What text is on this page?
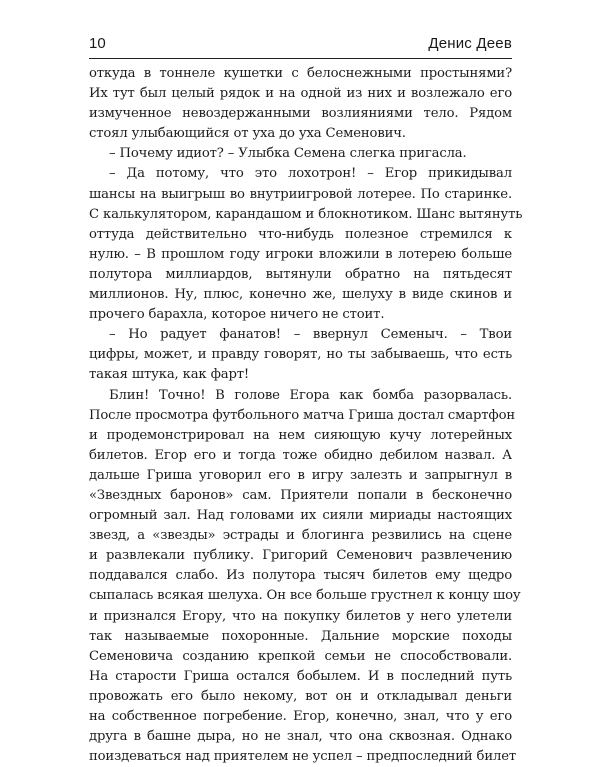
10	Денис Деев
откуда в тоннеле кушетки с белоснежными простынями?
Их тут был целый рядок и на одной из них и возлежало его
измученное невоздержанными возлияниями тело. Рядом
стоял улыбающийся от уха до уха Семенович.
– Почему идиот? – Улыбка Семена слегка пригасла.
– Да потому, что это лохотрон! – Егор прикидывал
шансы на выигрыш во внутриигровой лотерее. По старинке.
С калькулятором, карандашом и блокнотиком. Шанс вытянуть
оттуда действительно что-нибудь полезное стремился к
нулю. – В прошлом году игроки вложили в лотерею больше
полутора миллиардов, вытянули обратно на пятьдесят
миллионов. Ну, плюс, конечно же, шелуху в виде скинов и
прочего барахла, которое ничего не стоит.
– Но радует фанатов! – ввернул Семеныч. – Твои
цифры, может, и правду говорят, но ты забываешь, что есть
такая штука, как фарт!
Блин! Точно! В голове Егора как бомба разорвалась.
После просмотра футбольного матча Гриша достал смартфон
и продемонстрировал на нем сияющую кучу лотерейных
билетов. Егор его и тогда тоже обидно дебилом назвал. А
дальше Гриша уговорил его в игру залезть и запрыгнул в
«Звездных баронов» сам. Приятели попали в бесконечно
огромный зал. Над головами их сияли мириады настоящих
звезд, а «звезды» эстрады и блогинга резвились на сцене
и развлекали публику. Григорий Семенович развлечению
поддавался слабо. Из полутора тысяч билетов ему щедро
сыпалась всякая шелуха. Он все больше грустнел к концу шоу
и признался Егору, что на покупку билетов у него улетели
так называемые похоронные. Дальние морские походы
Семеновича созданию крепкой семьи не способствовали.
На старости Гриша остался бобылем. И в последний путь
провожать его было некому, вот он и откладывал деньги
на собственное погребение. Егор, конечно, знал, что у его
друга в башне дыра, но не знал, что она сквозная. Однако
поиздеваться над приятелем не успел – предпоследний билет
